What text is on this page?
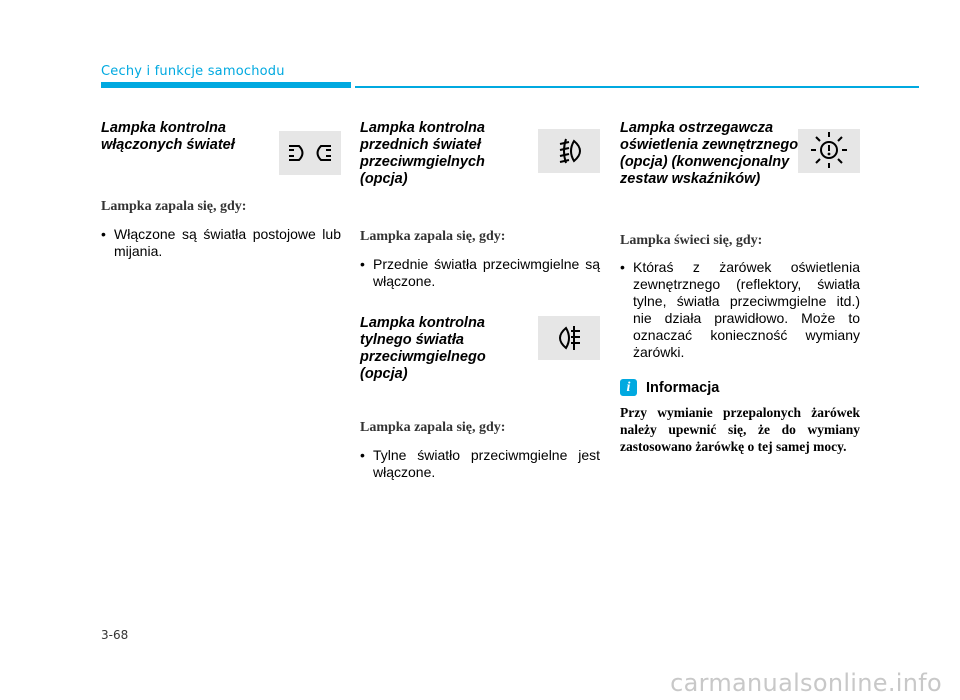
Cechy i funkcje samochodu

Lampka kontrolna włączonych świateł

Lampka zapala się, gdy:

• Włączone są światła postojowe lub mijania.

Lampka kontrolna przednich świateł przeciwmgielnych (opcja)

Lampka zapala się, gdy:

• Przednie światła przeciwmgielne są włączone.

Lampka kontrolna tylnego światła przeciwmgielnego (opcja)

Lampka zapala się, gdy:

• Tylne światło przeciwmgielne jest włączone.

Lampka ostrzegawcza oświetlenia zewnętrznego (opcja) (konwencjonalny zestaw wskaźników)

Lampka świeci się, gdy:

• Któraś z żarówek oświetlenia zewnętrznego (reflektory, światła tylne, światła przeciwmgielne itd.) nie działa prawidłowo. Może to oznaczać konieczność wymiany żarówki.
i	Informacja

Przy wymianie przepalonych żarówek należy upewnić się, że do wymiany zastosowano żarówkę o tej samej mocy.

3-68
carmanualsonline.info
